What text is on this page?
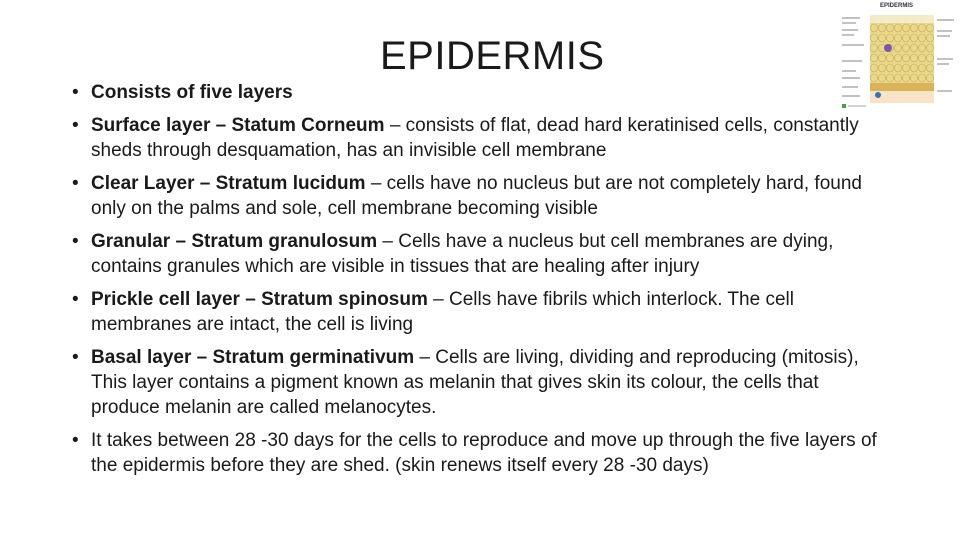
EPIDERMIS
• Consists of five layers
• Surface layer – Statum Corneum – consists of flat, dead hard keratinised cells, constantly sheds through desquamation, has an invisible cell membrane
• Clear Layer – Stratum lucidum – cells have no nucleus but are not completely hard, found only on the palms and sole, cell membrane becoming visible
• Granular – Stratum granulosum – Cells have a nucleus but cell membranes are dying, contains granules which are visible in tissues that are healing after injury
• Prickle cell layer – Stratum spinosum – Cells have fibrils which interlock. The cell membranes are intact, the cell is living
• Basal layer – Stratum germinativum – Cells are living, dividing and reproducing (mitosis), This layer contains a pigment known as melanin that gives skin its colour, the cells that produce melanin are called melanocytes.
• It takes between 28 -30 days for the cells to reproduce and move up through the five layers of the epidermis before they are shed. (skin renews itself every 28 -30 days)
EPIDERMIS
